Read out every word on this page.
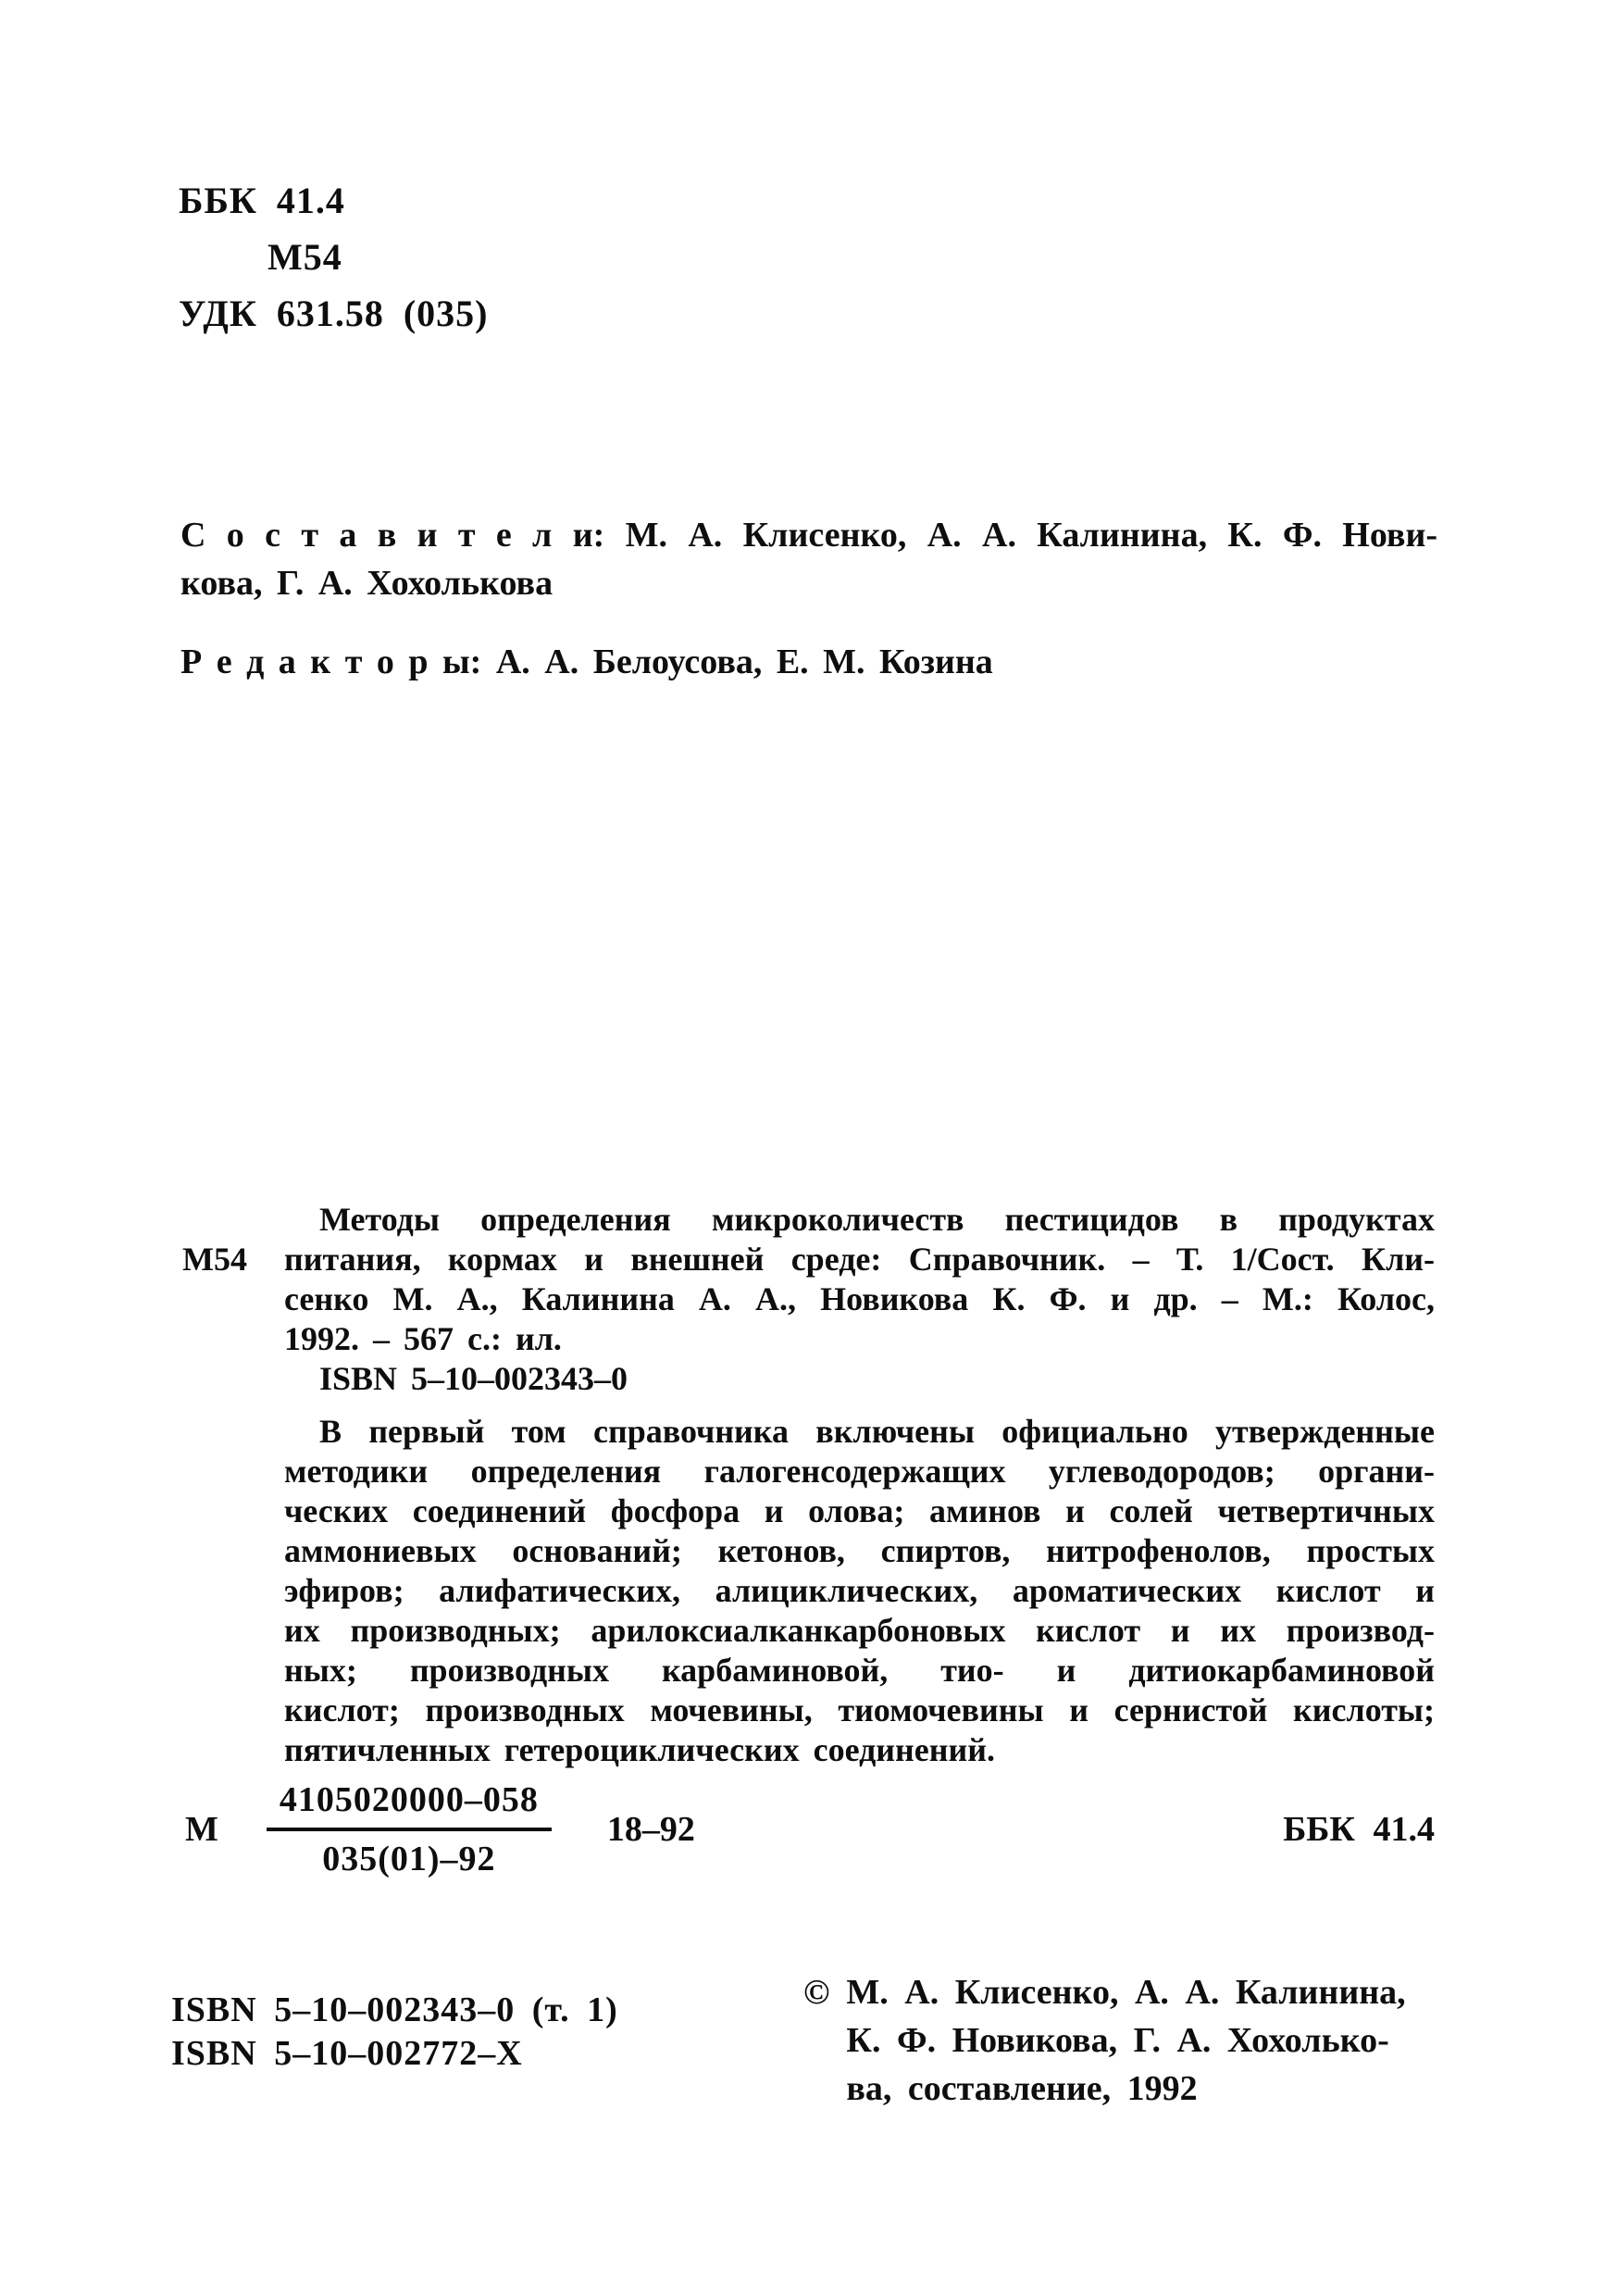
ББК 41.4
М54
УДК 631.58 (035)
С о с т а в и т е л и: М. А. Клисенко, А. А. Калинина, К. Ф. Нови-
кова, Г. А. Хохолькова
Р е д а к т о р ы: А. А. Белоусова, Е. М. Козина
М54
Методы определения микроколичеств пестицидов в продуктах
питания, кормах и внешней среде: Справочник. – Т. 1/Сост. Кли-
сенко М. А., Калинина А. А., Новикова К. Ф. и др. – М.: Колос,
1992. – 567 с.: ил.
ISBN 5–10–002343–0
В первый том справочника включены официально утвержденные
методики определения галогенсодержащих углеводородов; органи-
ческих соединений фосфора и олова; аминов и солей четвертичных
аммониевых оснований; кетонов, спиртов, нитрофенолов, простых
эфиров; алифатических, алициклических, ароматических кислот и
их производных; арилоксиалканкарбоновых кислот и их производ-
ных; производных карбаминовой, тио- и дитиокарбаминовой
кислот; производных мочевины, тиомочевины и сернистой кислоты;
пятичленных гетероциклических соединений.
М $\frac{4105020000-058}{035(01)-92} 18-92$	ББК 41.4
ISBN 5–10–002343–0 (т. 1)
ISBN 5–10–002772–X
© М. А. Клисенко, А. А. Калинина,
К. Ф. Новикова, Г. А. Хохолько-
ва, составление, 1992
